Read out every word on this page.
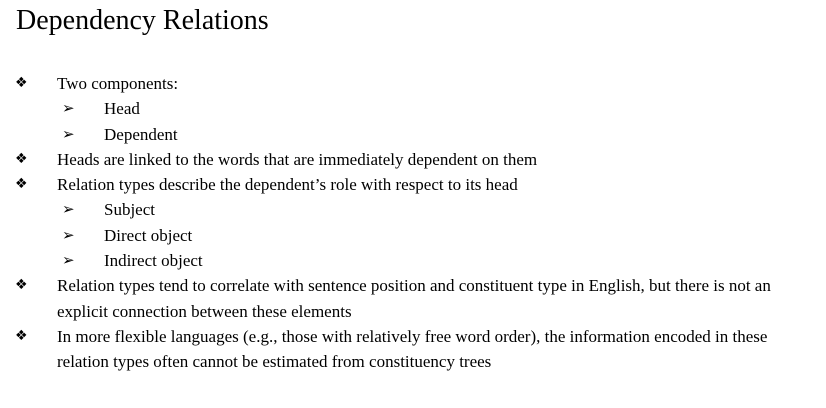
Dependency Relations
❖	Two components:
➢	Head
➢	Dependent
❖	Heads are linked to the words that are immediately dependent on them
❖	Relation types describe the dependent’s role with respect to its head
➢	Subject
➢	Direct object
➢	Indirect object
❖	Relation types tend to correlate with sentence position and constituent type in English, but there is not an explicit connection between these elements
❖	In more flexible languages (e.g., those with relatively free word order), the information encoded in these relation types often cannot be estimated from constituency trees
